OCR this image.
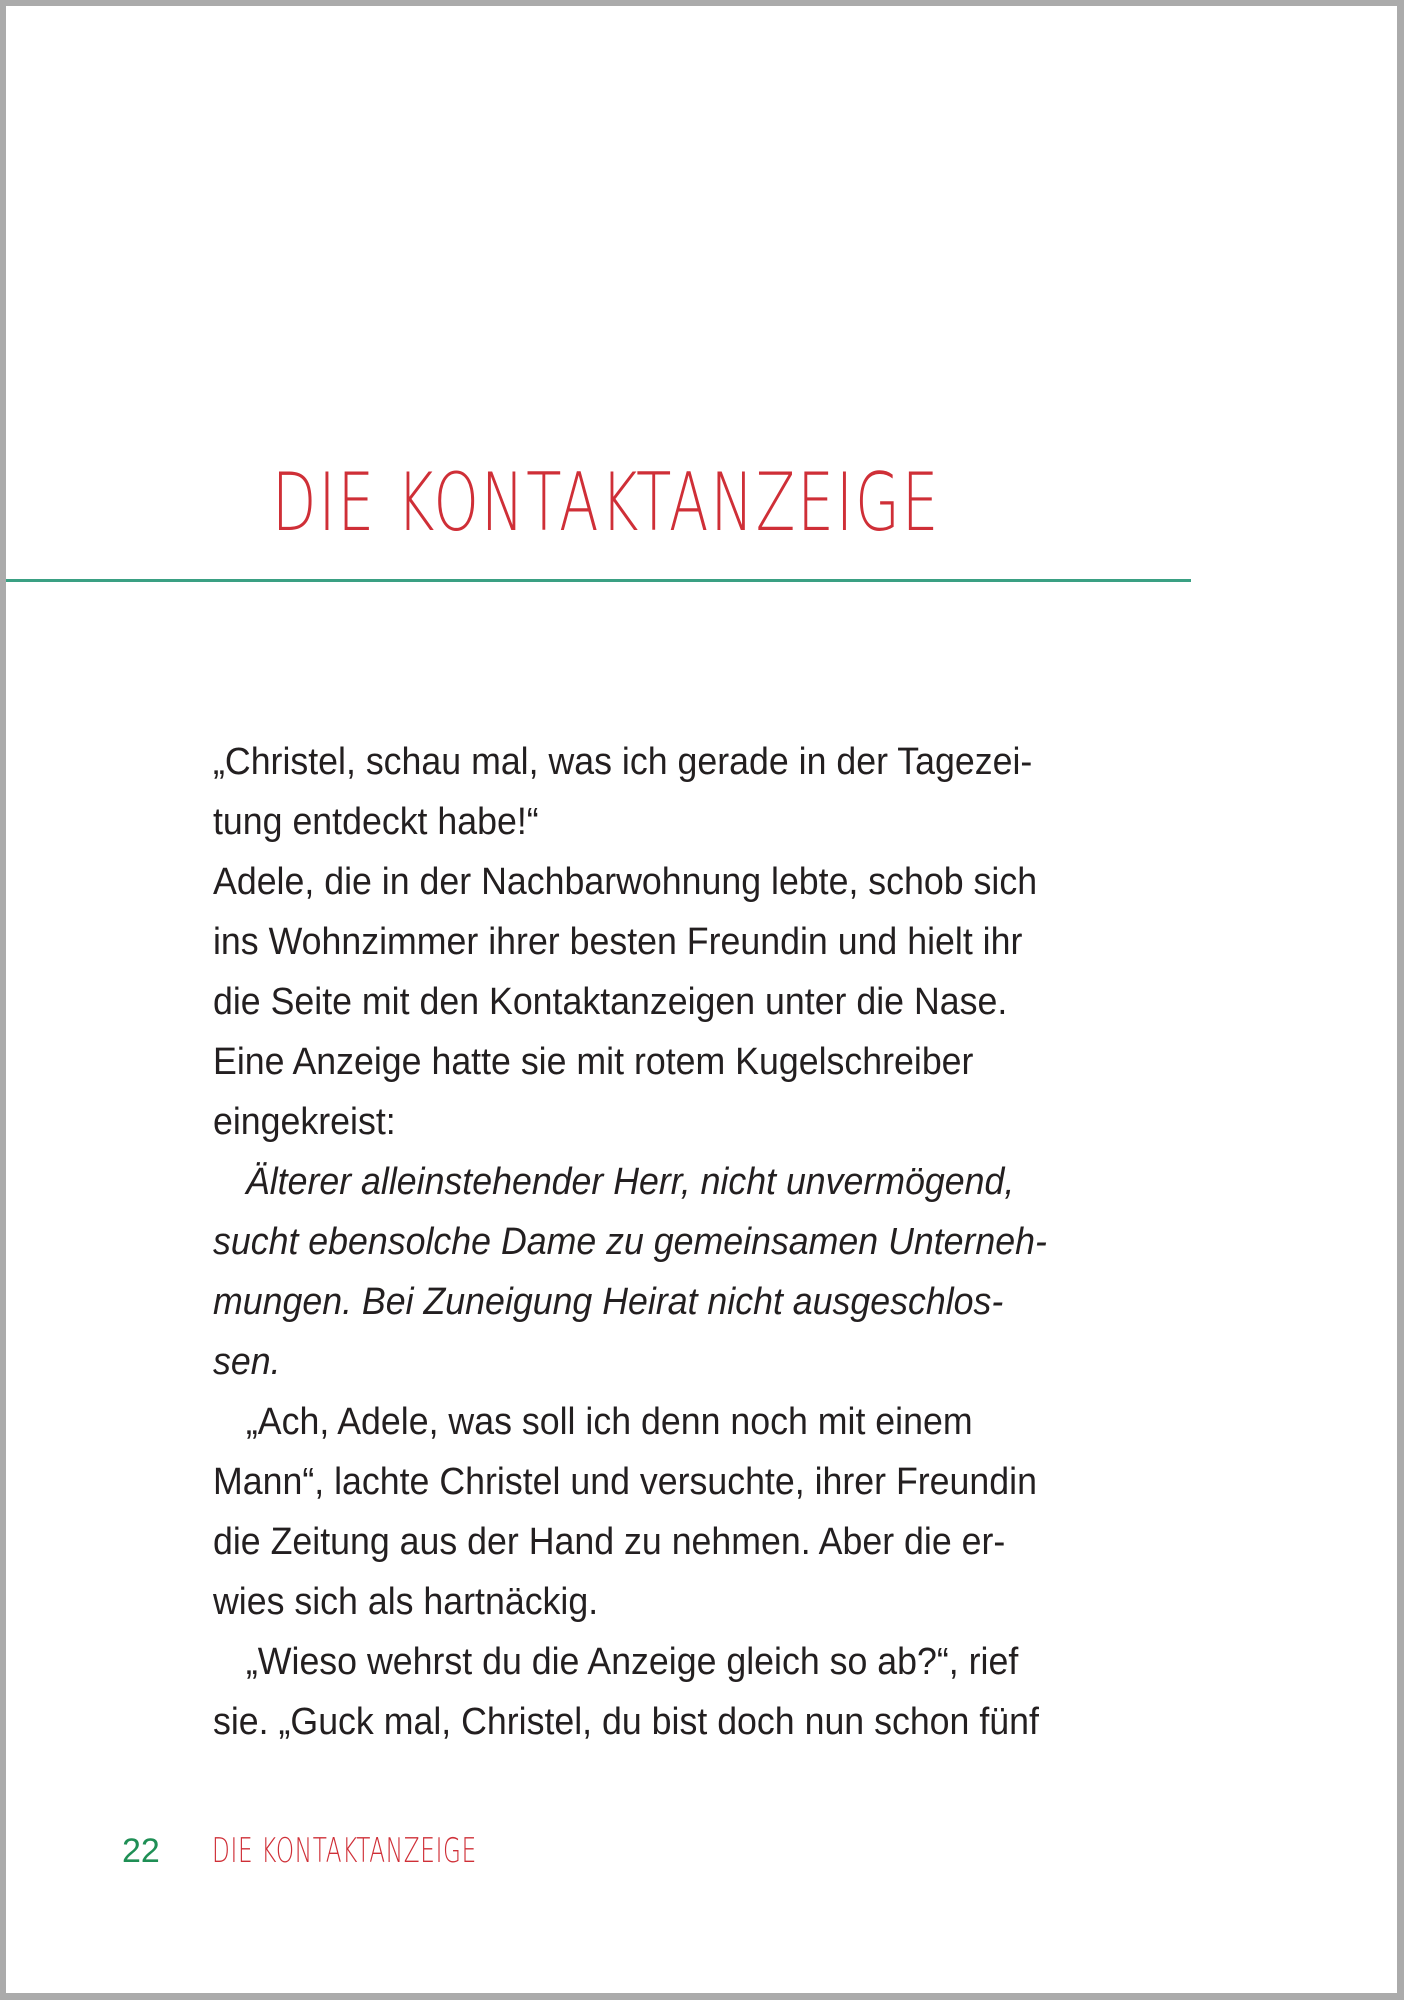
DIE KONTAKTANZEIGE
„Christel, schau mal, was ich gerade in der Tagezei-
tung entdeckt habe!“
Adele, die in der Nachbarwohnung lebte, schob sich
ins Wohnzimmer ihrer besten Freundin und hielt ihr
die Seite mit den Kontaktanzeigen unter die Nase.
Eine Anzeige hatte sie mit rotem Kugelschreiber
eingekreist:
Älterer alleinstehender Herr, nicht unvermögend,
sucht ebensolche Dame zu gemeinsamen Unterneh-
mungen. Bei Zuneigung Heirat nicht ausgeschlos-
sen.
„Ach, Adele, was soll ich denn noch mit einem
Mann“, lachte Christel und versuchte, ihrer Freundin
die Zeitung aus der Hand zu nehmen. Aber die er-
wies sich als hartnäckig.
„Wieso wehrst du die Anzeige gleich so ab?“, rief
sie. „Guck mal, Christel, du bist doch nun schon fünf
22 DIE KONTAKTANZEIGE
